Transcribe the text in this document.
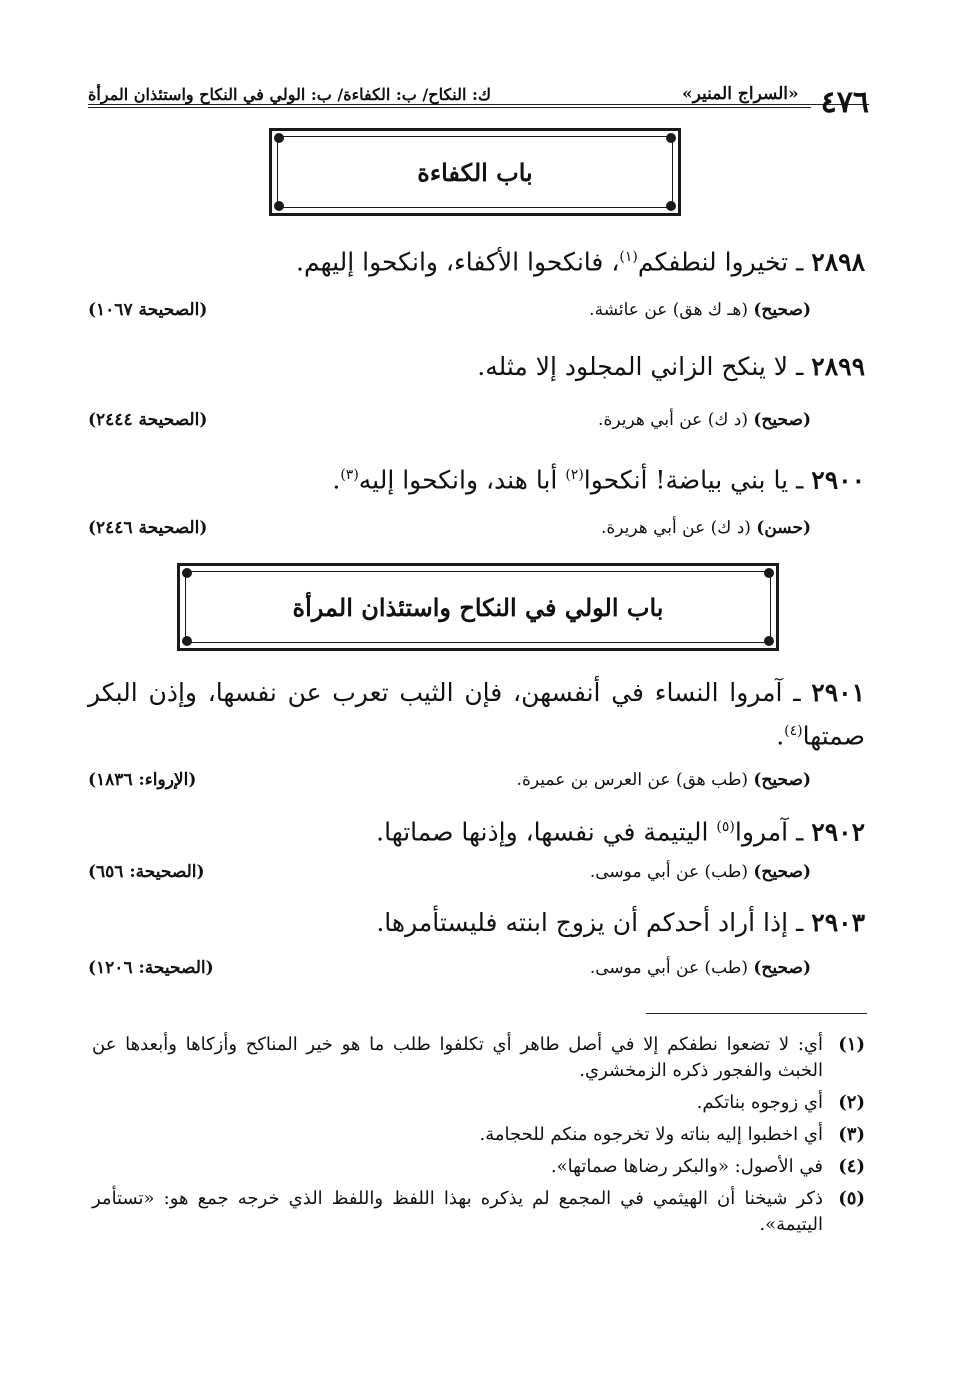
٤٧٦
«السراج المنير»
ك: النكاح/ ب: الكفاءة/ ب: الولي في النكاح واستئذان المرأة
باب الكفاءة
٢٨٩٨ ـ تخيروا لنطفكم$^{(١)}$، فانكحوا الأكفاء، وانكحوا إليهم.
(صحيح) (هـ ك هق) عن عائشة.
(الصحيحة ١٠٦٧)
٢٨٩٩ ـ لا ينكح الزاني المجلود إلا مثله.
(صحيح) (د ك) عن أبي هريرة.
(الصحيحة ٢٤٤٤)
٢٩٠٠ ـ يا بني بياضة! أنكحوا$^{(٢)}$ أبا هند، وانكحوا إليه$^{(٣)}$.
(حسن) (د ك) عن أبي هريرة.
(الصحيحة ٢٤٤٦)
باب الولي في النكاح واستئذان المرأة
٢٩٠١ ـ آمروا النساء في أنفسهن، فإن الثيب تعرب عن نفسها، وإذن البكر صمتها$^{(٤)}$.
(صحيح) (طب هق) عن العرس بن عميرة.
(الإرواء: ١٨٣٦)
٢٩٠٢ ـ آمروا$^{(٥)}$ اليتيمة في نفسها، وإذنها صماتها.
(صحيح) (طب) عن أبي موسى.
(الصحيحة: ٦٥٦)
٢٩٠٣ ـ إذا أراد أحدكم أن يزوج ابنته فليستأمرها.
(صحيح) (طب) عن أبي موسى.
(الصحيحة: ١٢٠٦)
(١)
أي: لا تضعوا نطفكم إلا في أصل طاهر أي تكلفوا طلب ما هو خير المناكح وأزكاها وأبعدها عن الخبث والفجور ذكره الزمخشري.
(٢)
أي زوجوه بناتكم.
(٣)
أي اخطبوا إليه بناته ولا تخرجوه منكم للحجامة.
(٤)
في الأصول: «والبكر رضاها صماتها».
(٥)
ذكر شيخنا أن الهيثمي في المجمع لم يذكره بهذا اللفظ واللفظ الذي خرجه جمع هو: «تستأمر اليتيمة».
